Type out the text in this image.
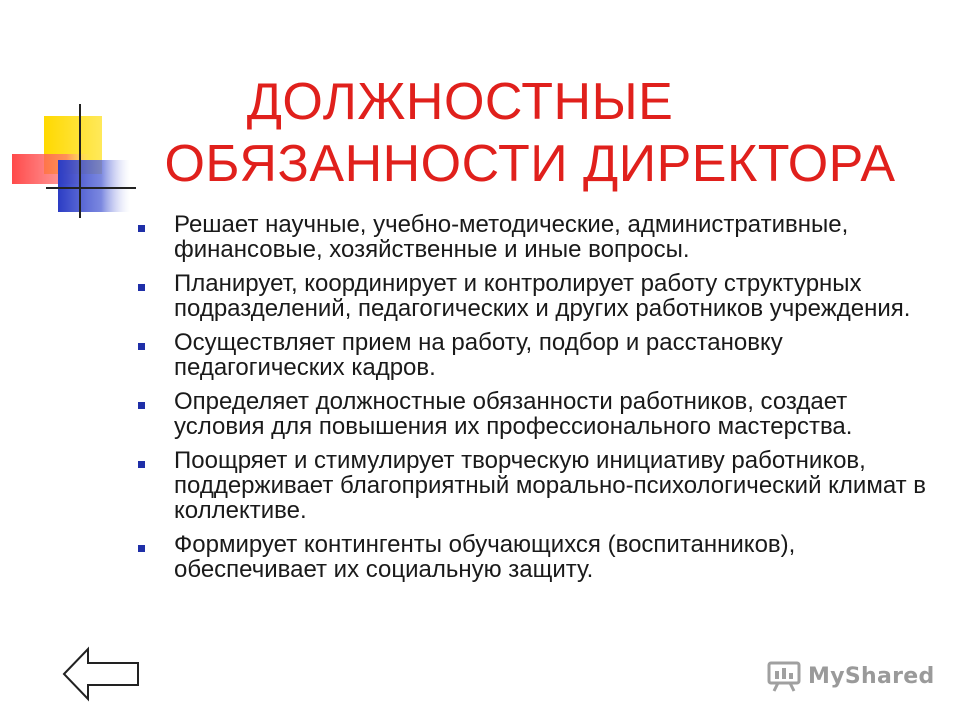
ДОЛЖНОСТНЫЕ
ОБЯЗАННОСТИ ДИРЕКТОРА
Решает научные, учебно-методические, административные, финансовые, хозяйственные и иные вопросы.
Планирует, координирует и контролирует работу структурных подразделений, педагогических и других работников учреждения.
Осуществляет прием на работу, подбор и расстановку педагогических кадров.
Определяет должностные обязанности работников, создает условия для повышения их профессионального мастерства.
Поощряет и стимулирует творческую инициативу работников, поддерживает благоприятный морально-психологический климат в коллективе.
Формирует контингенты обучающихся (воспитанников), обеспечивает их социальную защиту.
MyShared
